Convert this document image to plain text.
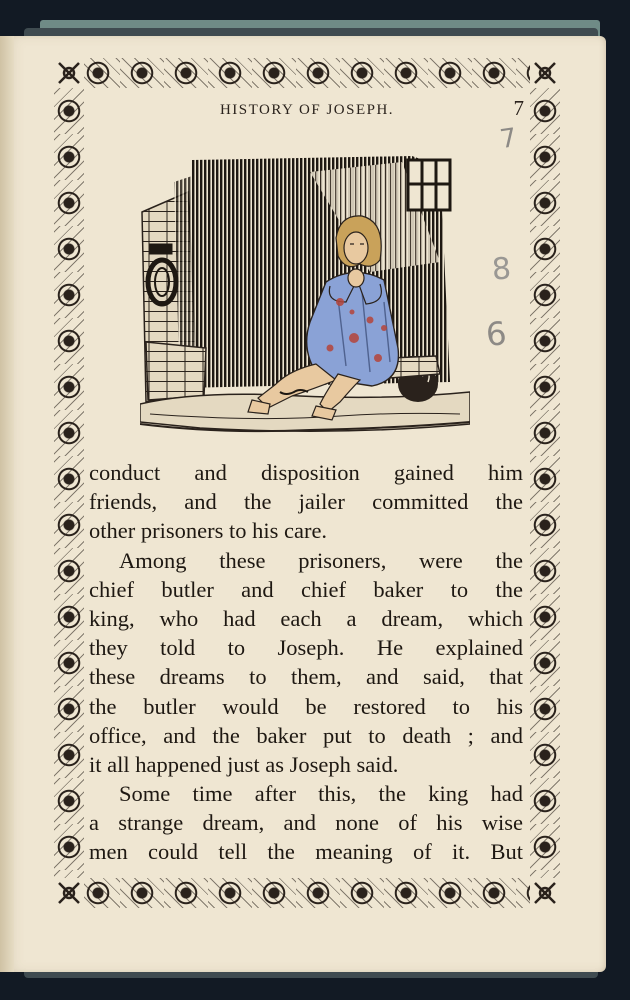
HISTORY OF JOSEPH.	7
7
8
6
conduct and disposition gained him
friends, and the jailer committed the
other prisoners to his care.
Among these prisoners, were the
chief butler and chief baker to the
king, who had each a dream, which
they told to Joseph. He explained
these dreams to them, and said, that
the butler would be restored to his
office, and the baker put to death ; and
it all happened just as Joseph said.
Some time after this, the king had
a strange dream, and none of his wise
men could tell the meaning of it. But
